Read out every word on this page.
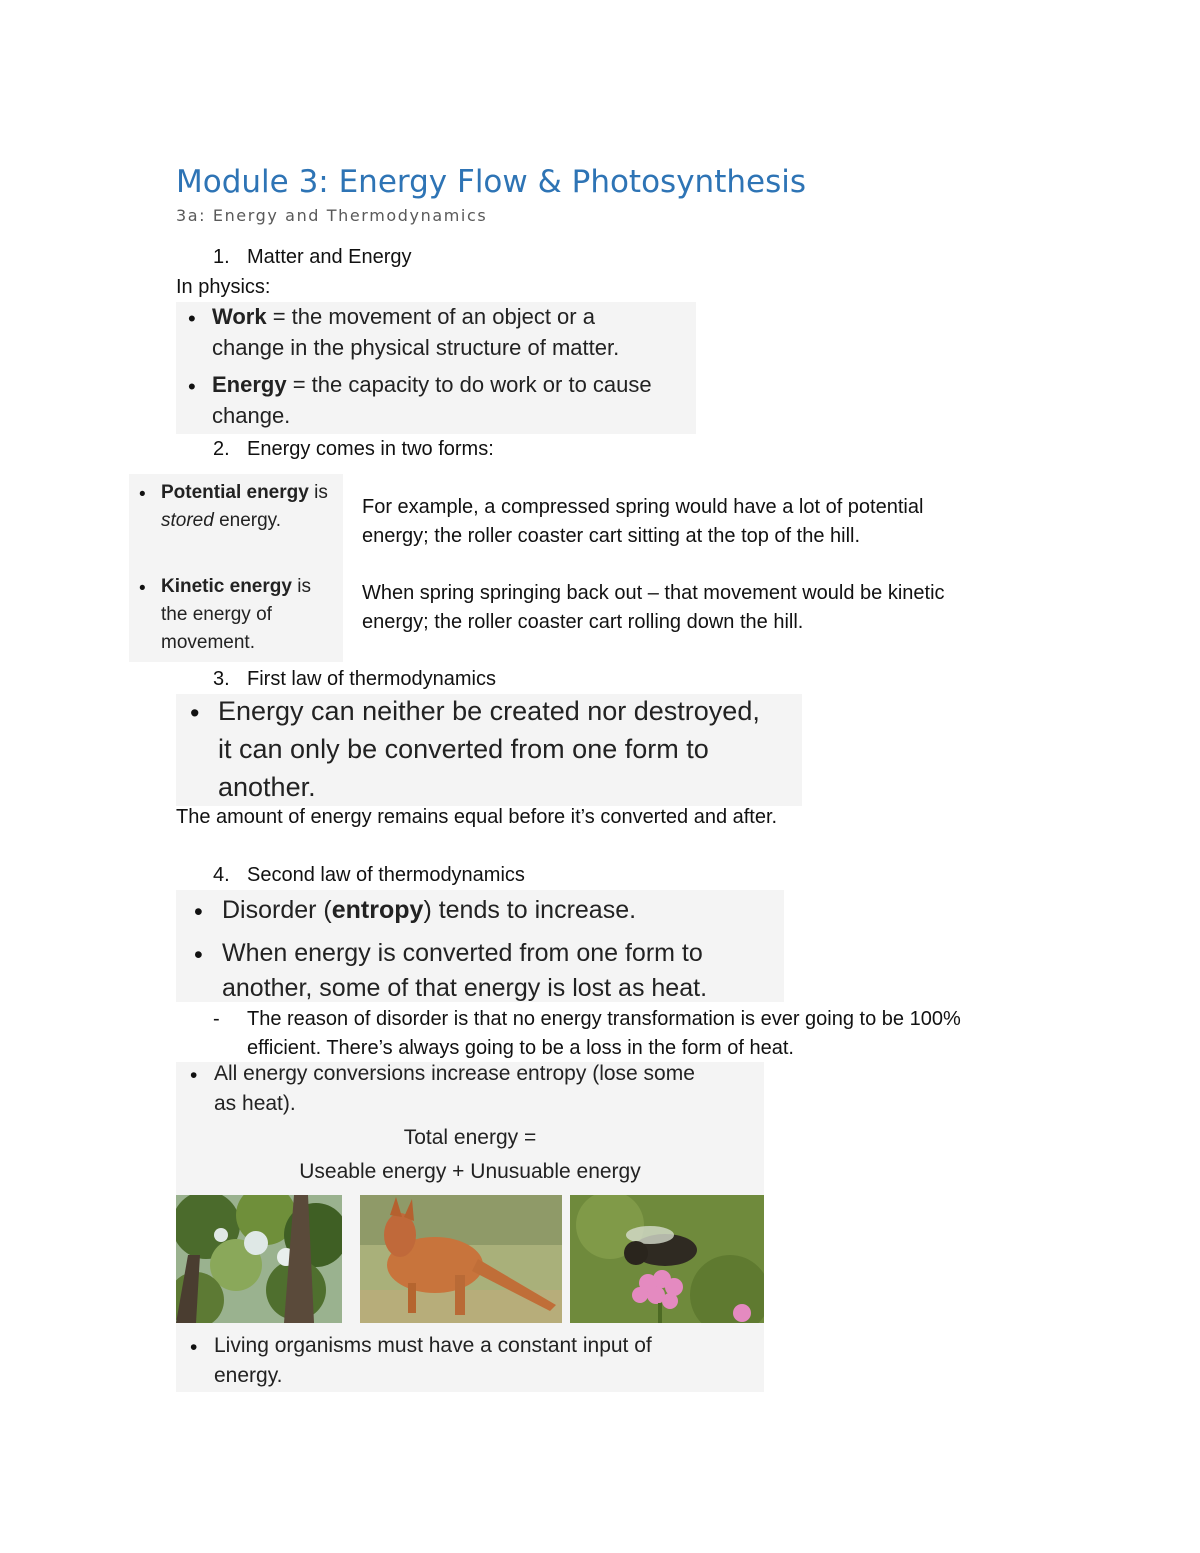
Module 3: Energy Flow & Photosynthesis
3a: Energy and Thermodynamics
1. Matter and Energy
In physics:
• Work = the movement of an object or a
change in the physical structure of matter.
• Energy = the capacity to do work or to cause
change.
2. Energy comes in two forms:
• Potential energy is
stored energy.
• Kinetic energy is
the energy of
movement.
For example, a compressed spring would have a lot of potential
energy; the roller coaster cart sitting at the top of the hill.
When spring springing back out – that movement would be kinetic
energy; the roller coaster cart rolling down the hill.
3. First law of thermodynamics
• Energy can neither be created nor destroyed,
it can only be converted from one form to
another.
The amount of energy remains equal before it’s converted and after.
4. Second law of thermodynamics
• Disorder (entropy) tends to increase.
• When energy is converted from one form to
another, some of that energy is lost as heat.
- The reason of disorder is that no energy transformation is ever going to be 100%
efficient. There’s always going to be a loss in the form of heat.
• All energy conversions increase entropy (lose some
as heat).
Total energy =
Useable energy + Unusuable energy
• Living organisms must have a constant input of
energy.
